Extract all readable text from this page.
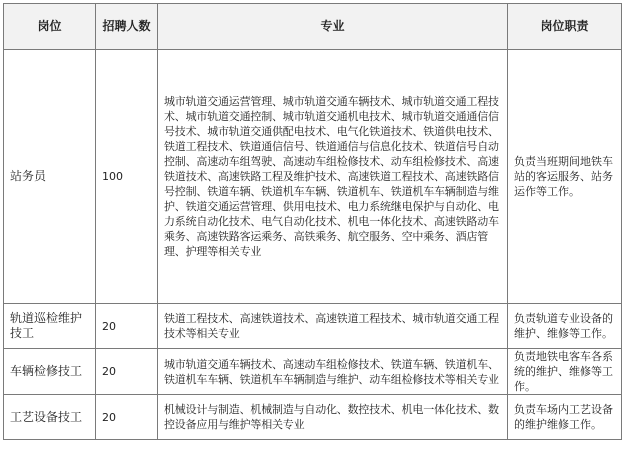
岗位	招聘人数	专业	岗位职责
站务员	100	城市轨道交通运营管理、城市轨道交通车辆技术、城市轨道交通工程技术、城市轨道交通控制、城市轨道交通机电技术、城市轨道交通通信信号技术、城市轨道交通供配电技术、电气化铁道技术、铁道供电技术、铁道工程技术、铁道通信信号、铁道通信与信息化技术、铁道信号自动控制、高速动车组驾驶、高速动车组检修技术、动车组检修技术、高速铁道技术、高速铁路工程及维护技术、高速铁道工程技术、高速铁路信号控制、铁道车辆、铁道机车车辆、铁道机车、铁道机车车辆制造与维护、铁道交通运营管理、供用电技术、电力系统继电保护与自动化、电力系统自动化技术、电气自动化技术、机电一体化技术、高速铁路动车乘务、高速铁路客运乘务、高铁乘务、航空服务、空中乘务、酒店管理、护理等相关专业	负责当班期间地铁车站的客运服务、站务运作等工作。
轨道巡检维护技工	20	铁道工程技术、高速铁道技术、高速铁道工程技术、城市轨道交通工程技术等相关专业	负责轨道专业设备的维护、维修等工作。
车辆检修技工	20	城市轨道交通车辆技术、高速动车组检修技术、铁道车辆、铁道机车、铁道机车车辆、铁道机车车辆制造与维护、动车组检修技术等相关专业	负责地铁电客车各系统的维护、维修等工作。
工艺设备技工	20	机械设计与制造、机械制造与自动化、数控技术、机电一体化技术、数控设备应用与维护等相关专业	负责车场内工艺设备的维护维修工作。
